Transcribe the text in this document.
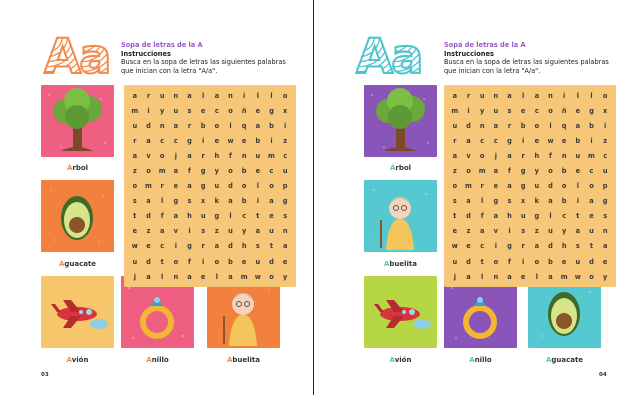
A a Sopa de letras de la A
Instrucciones
Busca en la sopa de letras las siguientes palabras que inician con la letra "A/a".
Árbol
Aguacate
Avión	Anillo	Abuelita
a	r	u	n	a	l	a	n	i	l	l	o
m	i	y	u	s	e	c	o	ñ	e	g	x
u	d	n	a	r	b	o	l	q	a	b	i
r	a	c	c	g	i	e	w	e	b	i	z
a	v	o	j	a	r	h	f	n	u	m	c
z	o	m	a	f	g	y	o	b	e	c	u
o	m	r	e	a	g	u	d	o	l	o	p
s	a	l	g	s	x	k	a	b	i	a	g
t	d	f	a	h	u	g	l	c	t	e	s
e	z	a	v	i	s	z	u	y	a	u	n
w	e	c	i	g	r	a	d	h	s	t	a
u	d	t	o	f	i	o	b	e	u	d	e
j	a	l	n	a	e	l	a	m	w	o	y
03
A a	Sopa de letras de la A
Instrucciones
Busca en la sopa de letras las siguientes palabras que inician con la letra "A/a".
Árbol
Abuelita
Avión	Anillo	Aguacate
a	r	u	n	a	l	a	n	i	l	l	o
m	i	y	u	s	e	c	o	ñ	e	g	x
u	d	n	a	r	b	o	l	q	a	b	i
r	a	c	c	g	i	e	w	e	b	i	z
a	v	o	j	a	r	h	f	n	u	m	c
z	o	m	a	f	g	y	o	b	e	c	u
o	m	r	e	a	g	u	d	o	l	o	p
s	a	l	g	s	x	k	a	b	i	a	g
t	d	f	a	h	u	g	l	c	t	e	s
e	z	a	v	i	s	z	u	y	a	u	n
w	e	c	i	g	r	a	d	h	s	t	a
u	d	t	o	f	i	o	b	e	u	d	e
j	a	l	n	a	e	l	a	m	w	o	y
04
